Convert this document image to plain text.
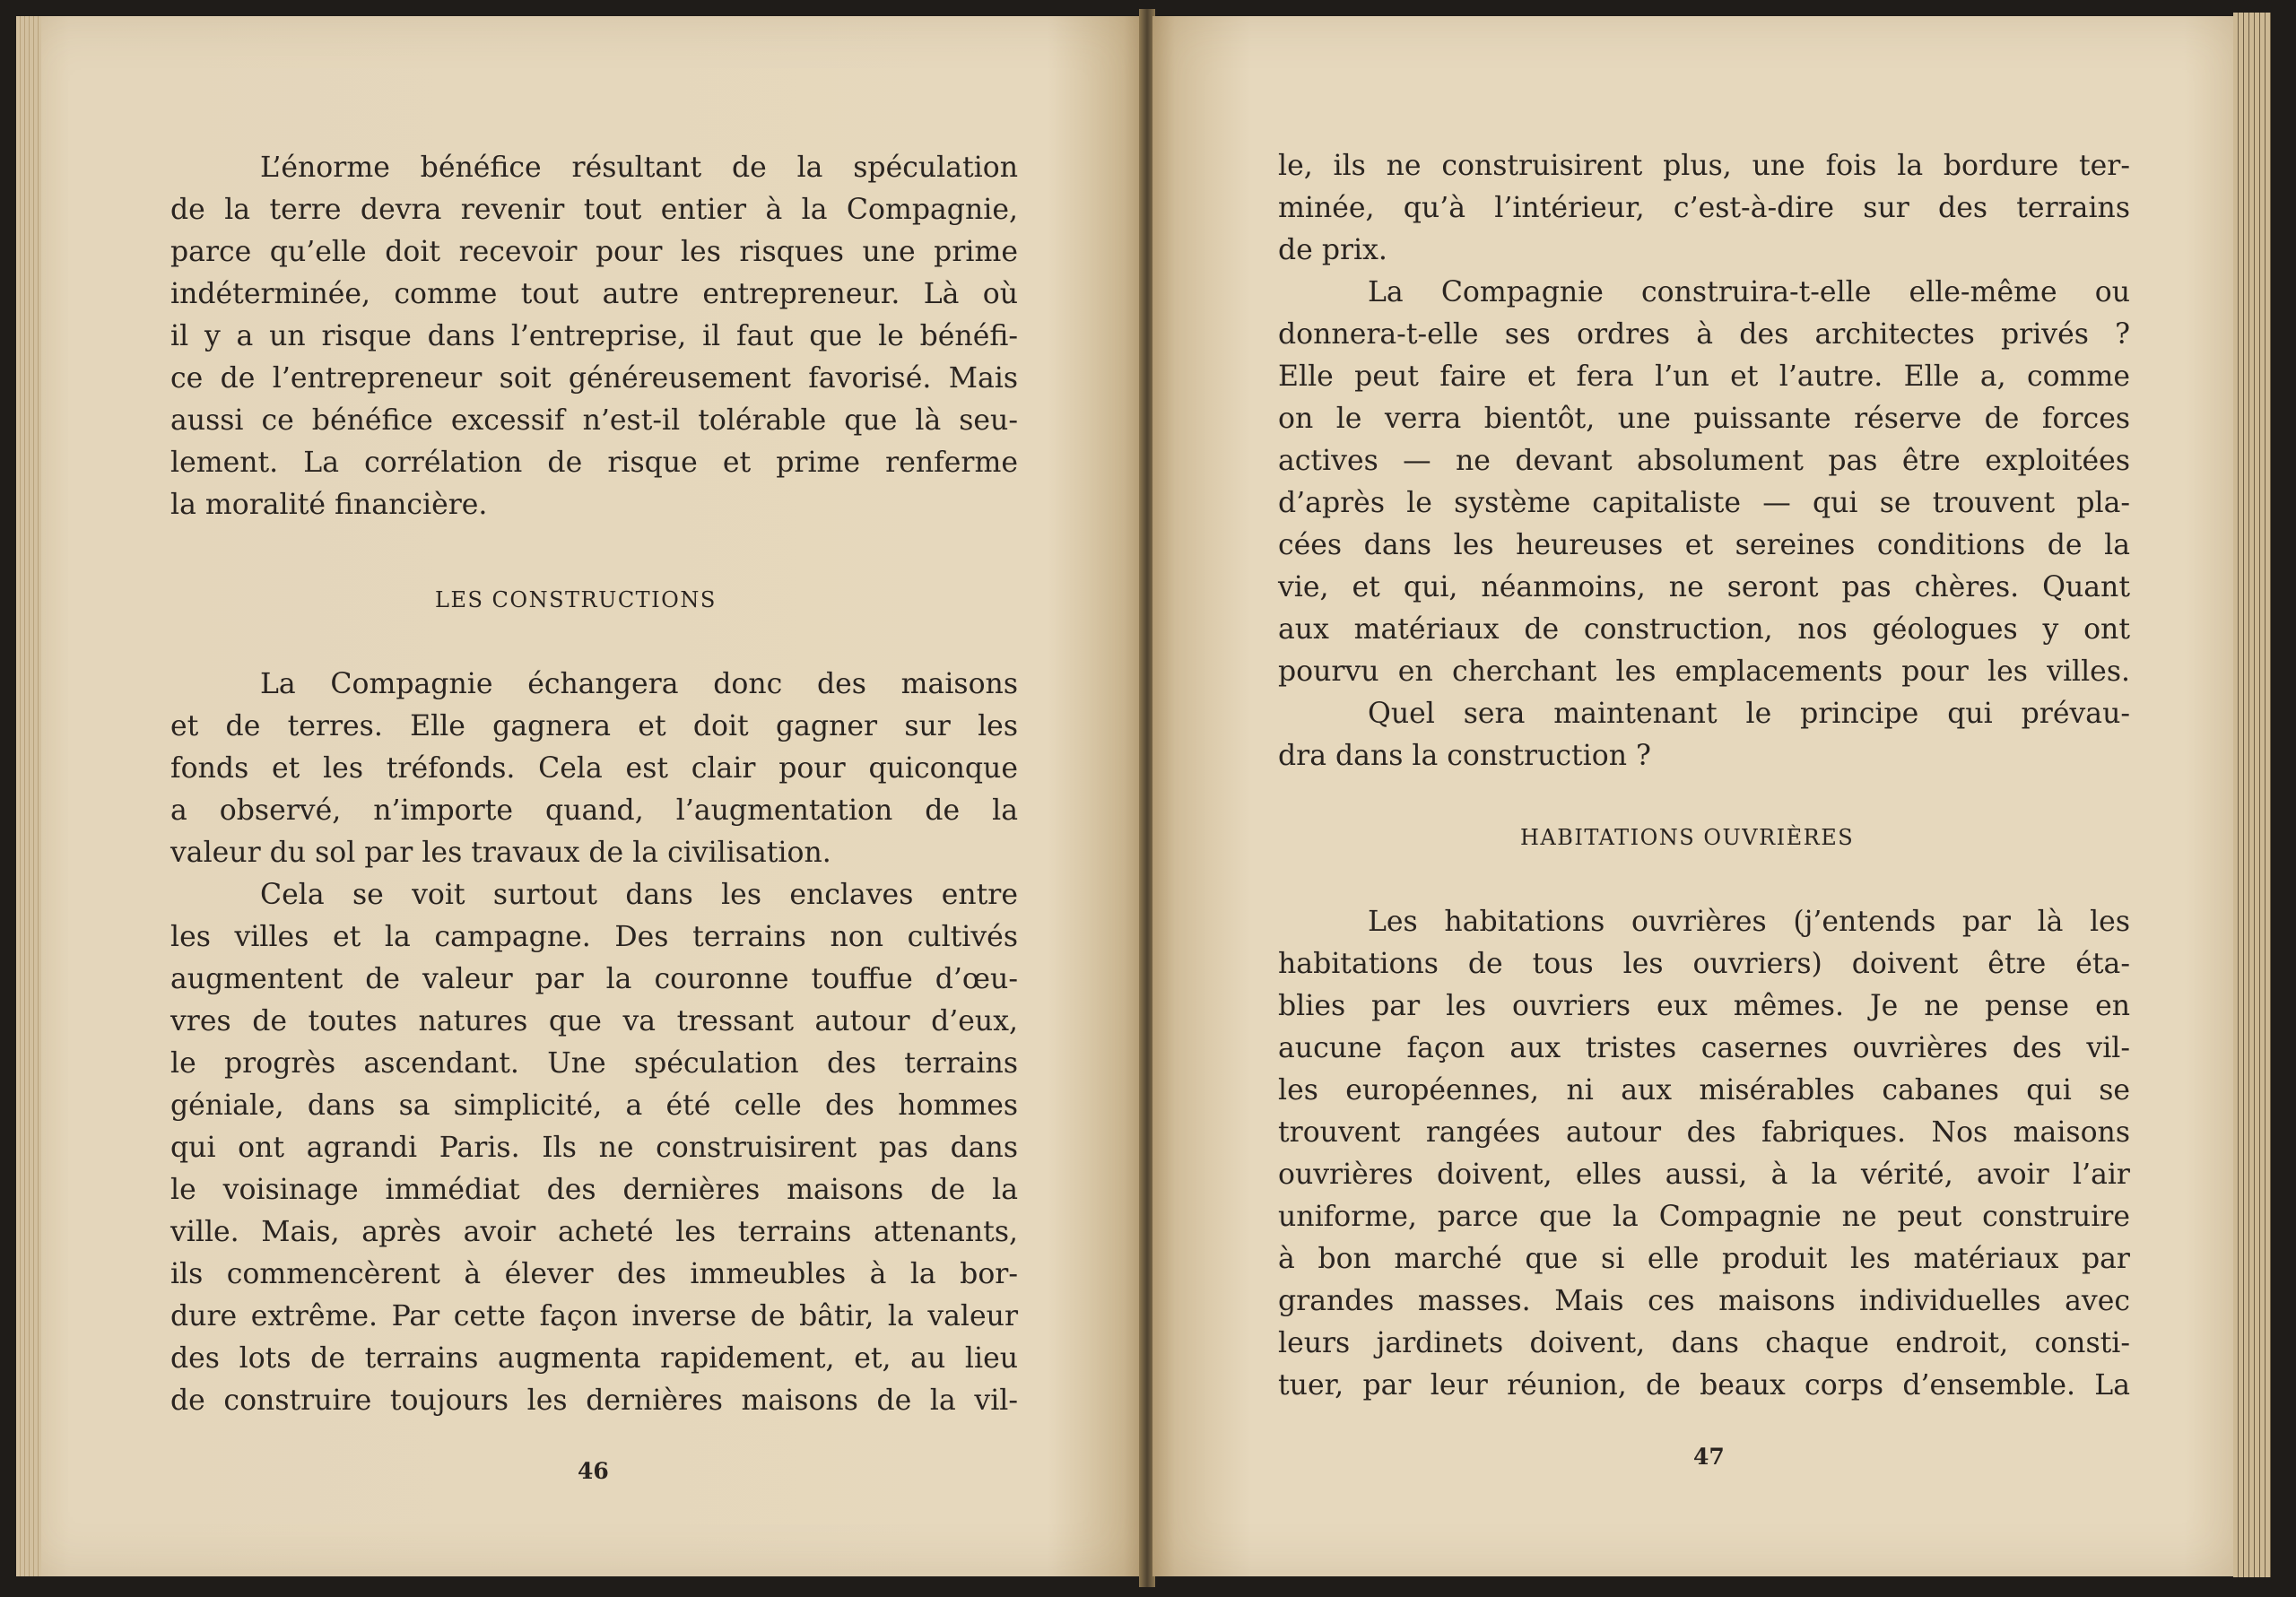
L’énorme bénéfice résultant de la spéculation
de la terre devra revenir tout entier à la Compagnie,
parce qu’elle doit recevoir pour les risques une prime
indéterminée, comme tout autre entrepreneur. Là où
il y a un risque dans l’entreprise, il faut que le bénéfi-
ce de l’entrepreneur soit généreusement favorisé. Mais
aussi ce bénéfice excessif n’est-il tolérable que là seu-
lement. La corrélation de risque et prime renferme
la moralité financière.
LES CONSTRUCTIONS
La Compagnie échangera donc des maisons
et de terres. Elle gagnera et doit gagner sur les
fonds et les tréfonds. Cela est clair pour quiconque
a observé, n’importe quand, l’augmentation de la
valeur du sol par les travaux de la civilisation.
Cela se voit surtout dans les enclaves entre
les villes et la campagne. Des terrains non cultivés
augmentent de valeur par la couronne touffue d’œu-
vres de toutes natures que va tressant autour d’eux,
le progrès ascendant. Une spéculation des terrains
géniale, dans sa simplicité, a été celle des hommes
qui ont agrandi Paris. Ils ne construisirent pas dans
le voisinage immédiat des dernières maisons de la
ville. Mais, après avoir acheté les terrains attenants,
ils commencèrent à élever des immeubles à la bor-
dure extrême. Par cette façon inverse de bâtir, la valeur
des lots de terrains augmenta rapidement, et, au lieu
de construire toujours les dernières maisons de la vil-
46
le, ils ne construisirent plus, une fois la bordure ter-
minée, qu’à l’intérieur, c’est-à-dire sur des terrains
de prix.
La Compagnie construira-t-elle elle-même ou
donnera-t-elle ses ordres à des architectes privés ?
Elle peut faire et fera l’un et l’autre. Elle a, comme
on le verra bientôt, une puissante réserve de forces
actives — ne devant absolument pas être exploitées
d’après le système capitaliste — qui se trouvent pla-
cées dans les heureuses et sereines conditions de la
vie, et qui, néanmoins, ne seront pas chères. Quant
aux matériaux de construction, nos géologues y ont
pourvu en cherchant les emplacements pour les villes.
Quel sera maintenant le principe qui prévau-
dra dans la construction ?
HABITATIONS OUVRIÈRES
Les habitations ouvrières (j’entends par là les
habitations de tous les ouvriers) doivent être éta-
blies par les ouvriers eux mêmes. Je ne pense en
aucune façon aux tristes casernes ouvrières des vil-
les européennes, ni aux misérables cabanes qui se
trouvent rangées autour des fabriques. Nos maisons
ouvrières doivent, elles aussi, à la vérité, avoir l’air
uniforme, parce que la Compagnie ne peut construire
à bon marché que si elle produit les matériaux par
grandes masses. Mais ces maisons individuelles avec
leurs jardinets doivent, dans chaque endroit, consti-
tuer, par leur réunion, de beaux corps d’ensemble. La
47
